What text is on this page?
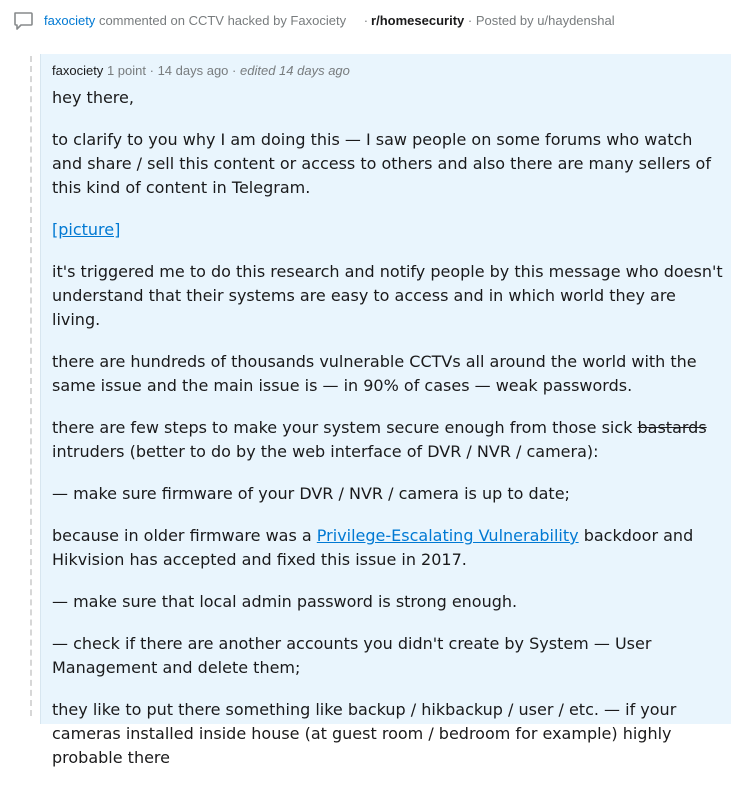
faxociety commented on CCTV hacked by Faxociety · r/homesecurity · Posted by u/haydenshal
faxociety 1 point · 14 days ago · edited 14 days ago

hey there,

to clarify to you why I am doing this — I saw people on some forums who watch and share / sell this content or access to others and also there are many sellers of this kind of content in Telegram.

[picture]

it's triggered me to do this research and notify people by this message who doesn't understand that their systems are easy to access and in which world they are living.

there are hundreds of thousands vulnerable CCTVs all around the world with the same issue and the main issue is — in 90% of cases — weak passwords.

there are few steps to make your system secure enough from those sick bastards intruders (better to do by the web interface of DVR / NVR / camera):

— make sure firmware of your DVR / NVR / camera is up to date;

because in older firmware was a Privilege-Escalating Vulnerability backdoor and Hikvision has accepted and fixed this issue in 2017.

— make sure that local admin password is strong enough.

— check if there are another accounts you didn't create by System — User Management and delete them;

they like to put there something like backup / hikbackup / user / etc. — if your cameras installed inside house (at guest room / bedroom for example) highly probable there
